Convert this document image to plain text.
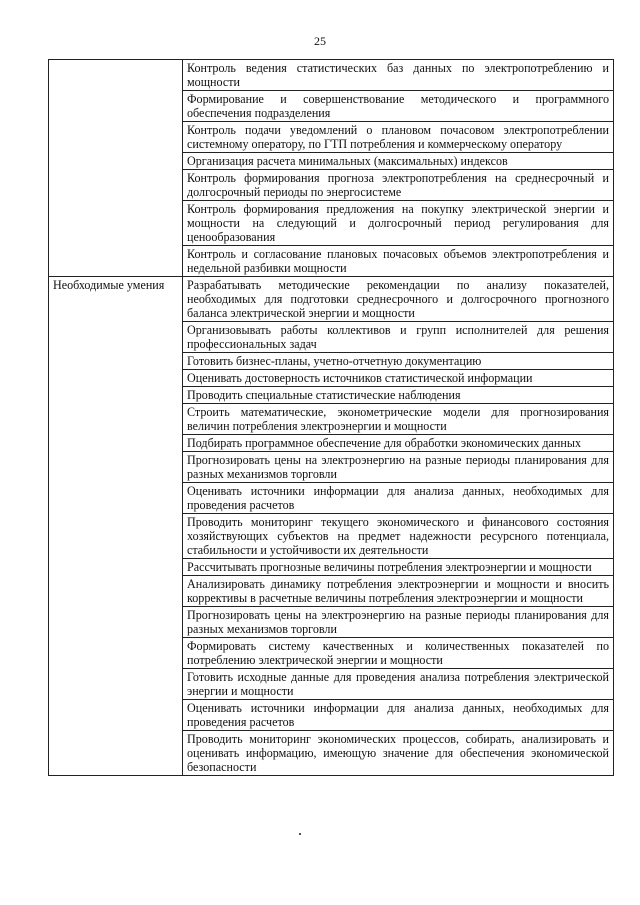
25
	Контроль ведения статистических баз данных по электропотреблению и мощности
	Формирование и совершенствование методического и программного обеспечения подразделения
	Контроль подачи уведомлений о плановом почасовом электропотреблении системному оператору, по ГТП потребления и коммерческому оператору
	Организация расчета минимальных (максимальных) индексов
	Контроль формирования прогноза электропотребления на среднесрочный и долгосрочный периоды по энергосистеме
	Контроль формирования предложения на покупку электрической энергии и мощности на следующий и долгосрочный период регулирования для ценообразования
	Контроль и согласование плановых почасовых объемов электропотребления и недельной разбивки мощности
Необходимые умения	Разрабатывать методические рекомендации по анализу показателей, необходимых для подготовки среднесрочного и долгосрочного прогнозного баланса электрической энергии и мощности
	Организовывать работы коллективов и групп исполнителей для решения профессиональных задач
	Готовить бизнес-планы, учетно-отчетную документацию
	Оценивать достоверность источников статистической информации
	Проводить специальные статистические наблюдения
	Строить математические, эконометрические модели для прогнозирования величин потребления электроэнергии и мощности
	Подбирать программное обеспечение для обработки экономических данных
	Прогнозировать цены на электроэнергию на разные периоды планирования для разных механизмов торговли
	Оценивать источники информации для анализа данных, необходимых для проведения расчетов
	Проводить мониторинг текущего экономического и финансового состояния хозяйствующих субъектов на предмет надежности ресурсного потенциала, стабильности и устойчивости их деятельности
	Рассчитывать прогнозные величины потребления электроэнергии и мощности
	Анализировать динамику потребления электроэнергии и мощности и вносить коррективы в расчетные величины потребления электроэнергии и мощности
	Прогнозировать цены на электроэнергию на разные периоды планирования для разных механизмов торговли
	Формировать систему качественных и количественных показателей по потреблению электрической энергии и мощности
	Готовить исходные данные для проведения анализа потребления электрической энергии и мощности
	Оценивать источники информации для анализа данных, необходимых для проведения расчетов
	Проводить мониторинг экономических процессов, собирать, анализировать и оценивать информацию, имеющую значение для обеспечения экономической безопасности
